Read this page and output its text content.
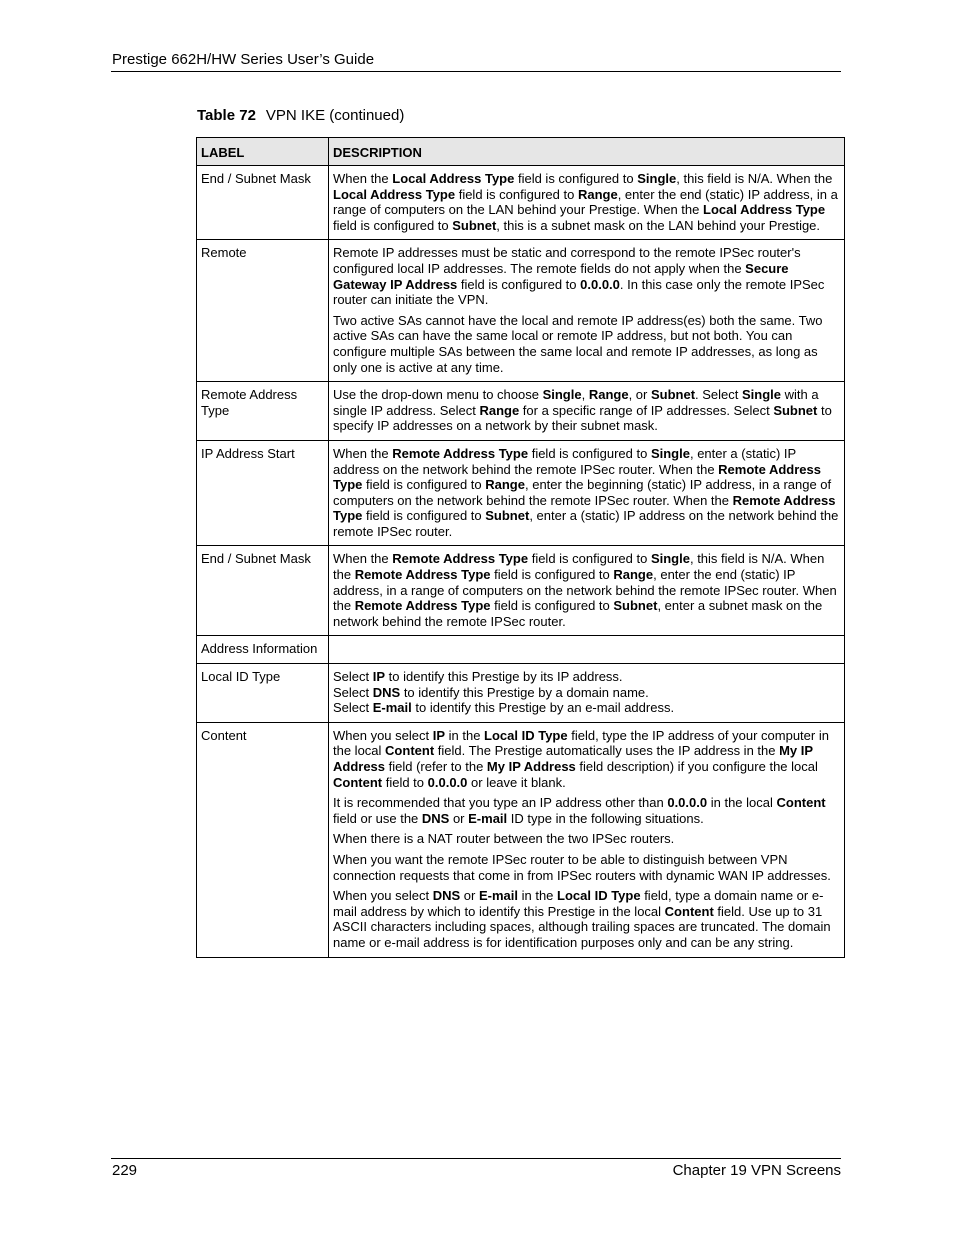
Prestige 662H/HW Series User’s Guide
Table 72 VPN IKE (continued)
LABEL	DESCRIPTION
End / Subnet Mask	When the Local Address Type field is configured to Single, this field is N/A. When the Local Address Type field is configured to Range, enter the end (static) IP address, in a range of computers on the LAN behind your Prestige. When the Local Address Type field is configured to Subnet, this is a subnet mask on the LAN behind your Prestige.

Remote	Remote IP addresses must be static and correspond to the remote IPSec router's configured local IP addresses. The remote fields do not apply when the Secure Gateway IP Address field is configured to 0.0.0.0. In this case only the remote IPSec router can initiate the VPN.

Two active SAs cannot have the local and remote IP address(es) both the same. Two active SAs can have the same local or remote IP address, but not both. You can configure multiple SAs between the same local and remote IP addresses, as long as only one is active at any time.

Remote Address Type	Use the drop-down menu to choose Single, Range, or Subnet. Select Single with a single IP address. Select Range for a specific range of IP addresses. Select Subnet to specify IP addresses on a network by their subnet mask.

IP Address Start	When the Remote Address Type field is configured to Single, enter a (static) IP address on the network behind the remote IPSec router. When the Remote Address Type field is configured to Range, enter the beginning (static) IP address, in a range of computers on the network behind the remote IPSec router. When the Remote Address Type field is configured to Subnet, enter a (static) IP address on the network behind the remote IPSec router.

End / Subnet Mask	When the Remote Address Type field is configured to Single, this field is N/A. When the Remote Address Type field is configured to Range, enter the end (static) IP address, in a range of computers on the network behind the remote IPSec router. When the Remote Address Type field is configured to Subnet, enter a subnet mask on the network behind the remote IPSec router.

Address Information	
Local ID Type	Select IP to identify this Prestige by its IP address.
Select DNS to identify this Prestige by a domain name.
Select E-mail to identify this Prestige by an e-mail address.

Content	When you select IP in the Local ID Type field, type the IP address of your computer in the local Content field. The Prestige automatically uses the IP address in the My IP Address field (refer to the My IP Address field description) if you configure the local Content field to 0.0.0.0 or leave it blank.

It is recommended that you type an IP address other than 0.0.0.0 in the local Content field or use the DNS or E-mail ID type in the following situations.

When there is a NAT router between the two IPSec routers.

When you want the remote IPSec router to be able to distinguish between VPN connection requests that come in from IPSec routers with dynamic WAN IP addresses.

When you select DNS or E-mail in the Local ID Type field, type a domain name or e-mail address by which to identify this Prestige in the local Content field. Use up to 31 ASCII characters including spaces, although trailing spaces are truncated. The domain name or e-mail address is for identification purposes only and can be any string.

229	Chapter 19 VPN Screens
